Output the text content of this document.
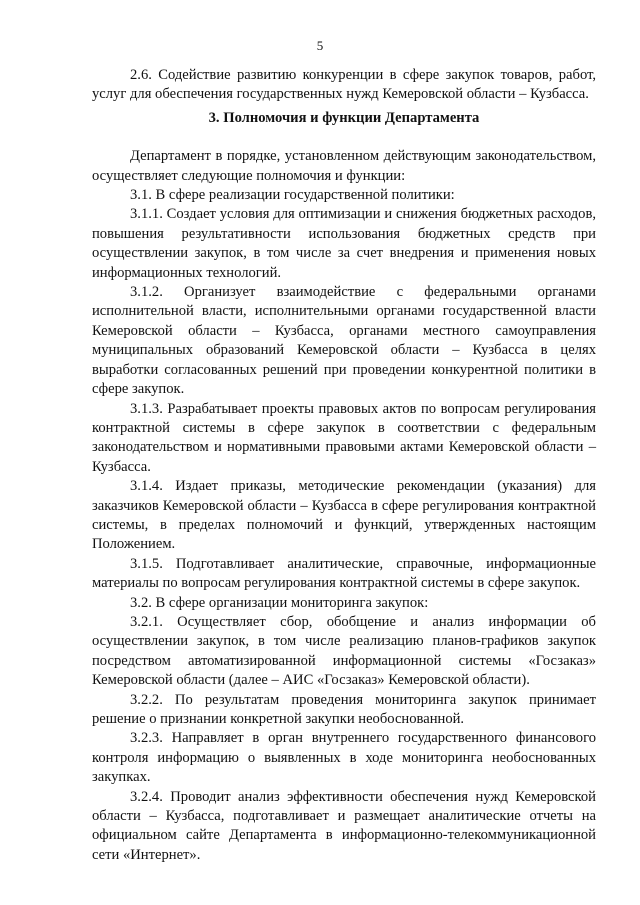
5

2.6. Содействие развитию конкуренции в сфере закупок товаров, работ, услуг для обеспечения государственных нужд Кемеровской области – Кузбасса.

3. Полномочия и функции Департамента

Департамент в порядке, установленном действующим законодательством, осуществляет следующие полномочия и функции:

3.1. В сфере реализации государственной политики:

3.1.1. Создает условия для оптимизации и снижения бюджетных расходов, повышения результативности использования бюджетных средств при осуществлении закупок, в том числе за счет внедрения и применения новых информационных технологий.

3.1.2. Организует взаимодействие с федеральными органами исполнительной власти, исполнительными органами государственной власти Кемеровской области – Кузбасса, органами местного самоуправления муниципальных образований Кемеровской области – Кузбасса в целях выработки согласованных решений при проведении конкурентной политики в сфере закупок.

3.1.3. Разрабатывает проекты правовых актов по вопросам регулирования контрактной системы в сфере закупок в соответствии с федеральным законодательством и нормативными правовыми актами Кемеровской области – Кузбасса.

3.1.4. Издает приказы, методические рекомендации (указания) для заказчиков Кемеровской области – Кузбасса в сфере регулирования контрактной системы, в пределах полномочий и функций, утвержденных настоящим Положением.

3.1.5. Подготавливает аналитические, справочные, информационные материалы по вопросам регулирования контрактной системы в сфере закупок.

3.2. В сфере организации мониторинга закупок:

3.2.1. Осуществляет сбор, обобщение и анализ информации об осуществлении закупок, в том числе реализацию планов-графиков закупок посредством автоматизированной информационной системы «Госзаказ» Кемеровской области (далее – АИС «Госзаказ» Кемеровской области).

3.2.2. По результатам проведения мониторинга закупок принимает решение о признании конкретной закупки необоснованной.

3.2.3. Направляет в орган внутреннего государственного финансового контроля информацию о выявленных в ходе мониторинга необоснованных закупках.

3.2.4. Проводит анализ эффективности обеспечения нужд Кемеровской области – Кузбасса, подготавливает и размещает аналитические отчеты на официальном сайте Департамента в информационно-телекоммуникационной сети «Интернет».
